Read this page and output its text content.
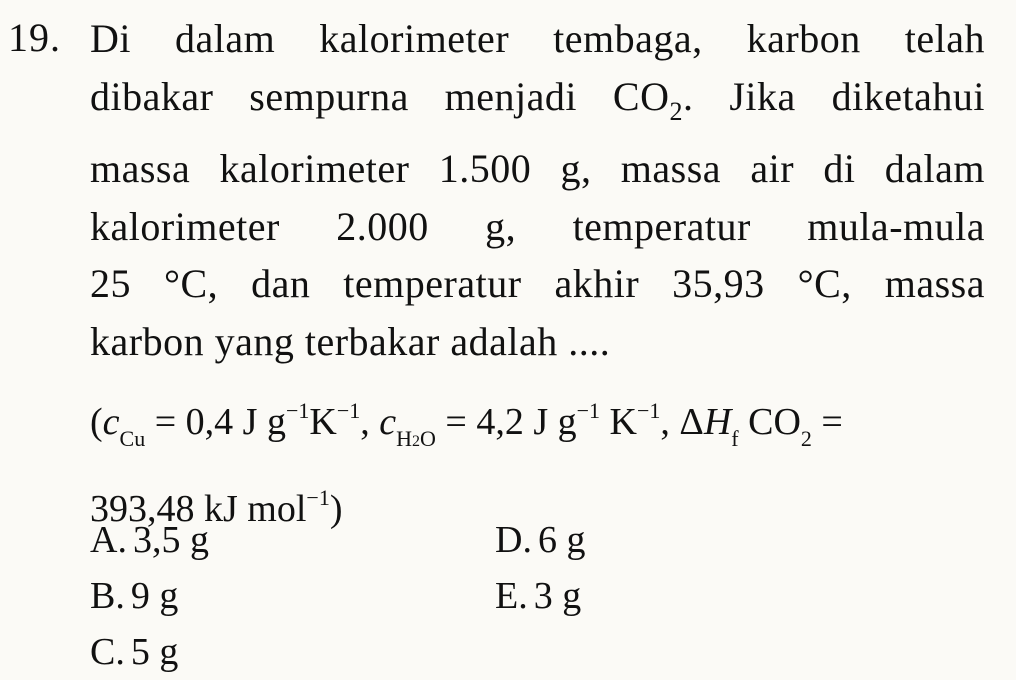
19. Di dalam kalorimeter tembaga, karbon telah
dibakar sempurna menjadi $CO_2$. Jika diketahui
massa kalorimeter 1.500 g, massa air di dalam
kalorimeter 2.000 g, temperatur mula-mula
25 °C, dan temperatur akhir 35,93 °C, massa
karbon yang terbakar adalah ....
($c_{Cu} = 0,4$ J $g^{-1}K^{-1}$, $c_{H2O} = 4,2$ J $g^{-1}$ $K^{-1}$, $\Delta H_f$ $CO_2$ =
393,48 kJ mol$^{-1}$)
A. 3,5 g	D. 6 g
B. 9 g	E. 3 g
C. 5 g
